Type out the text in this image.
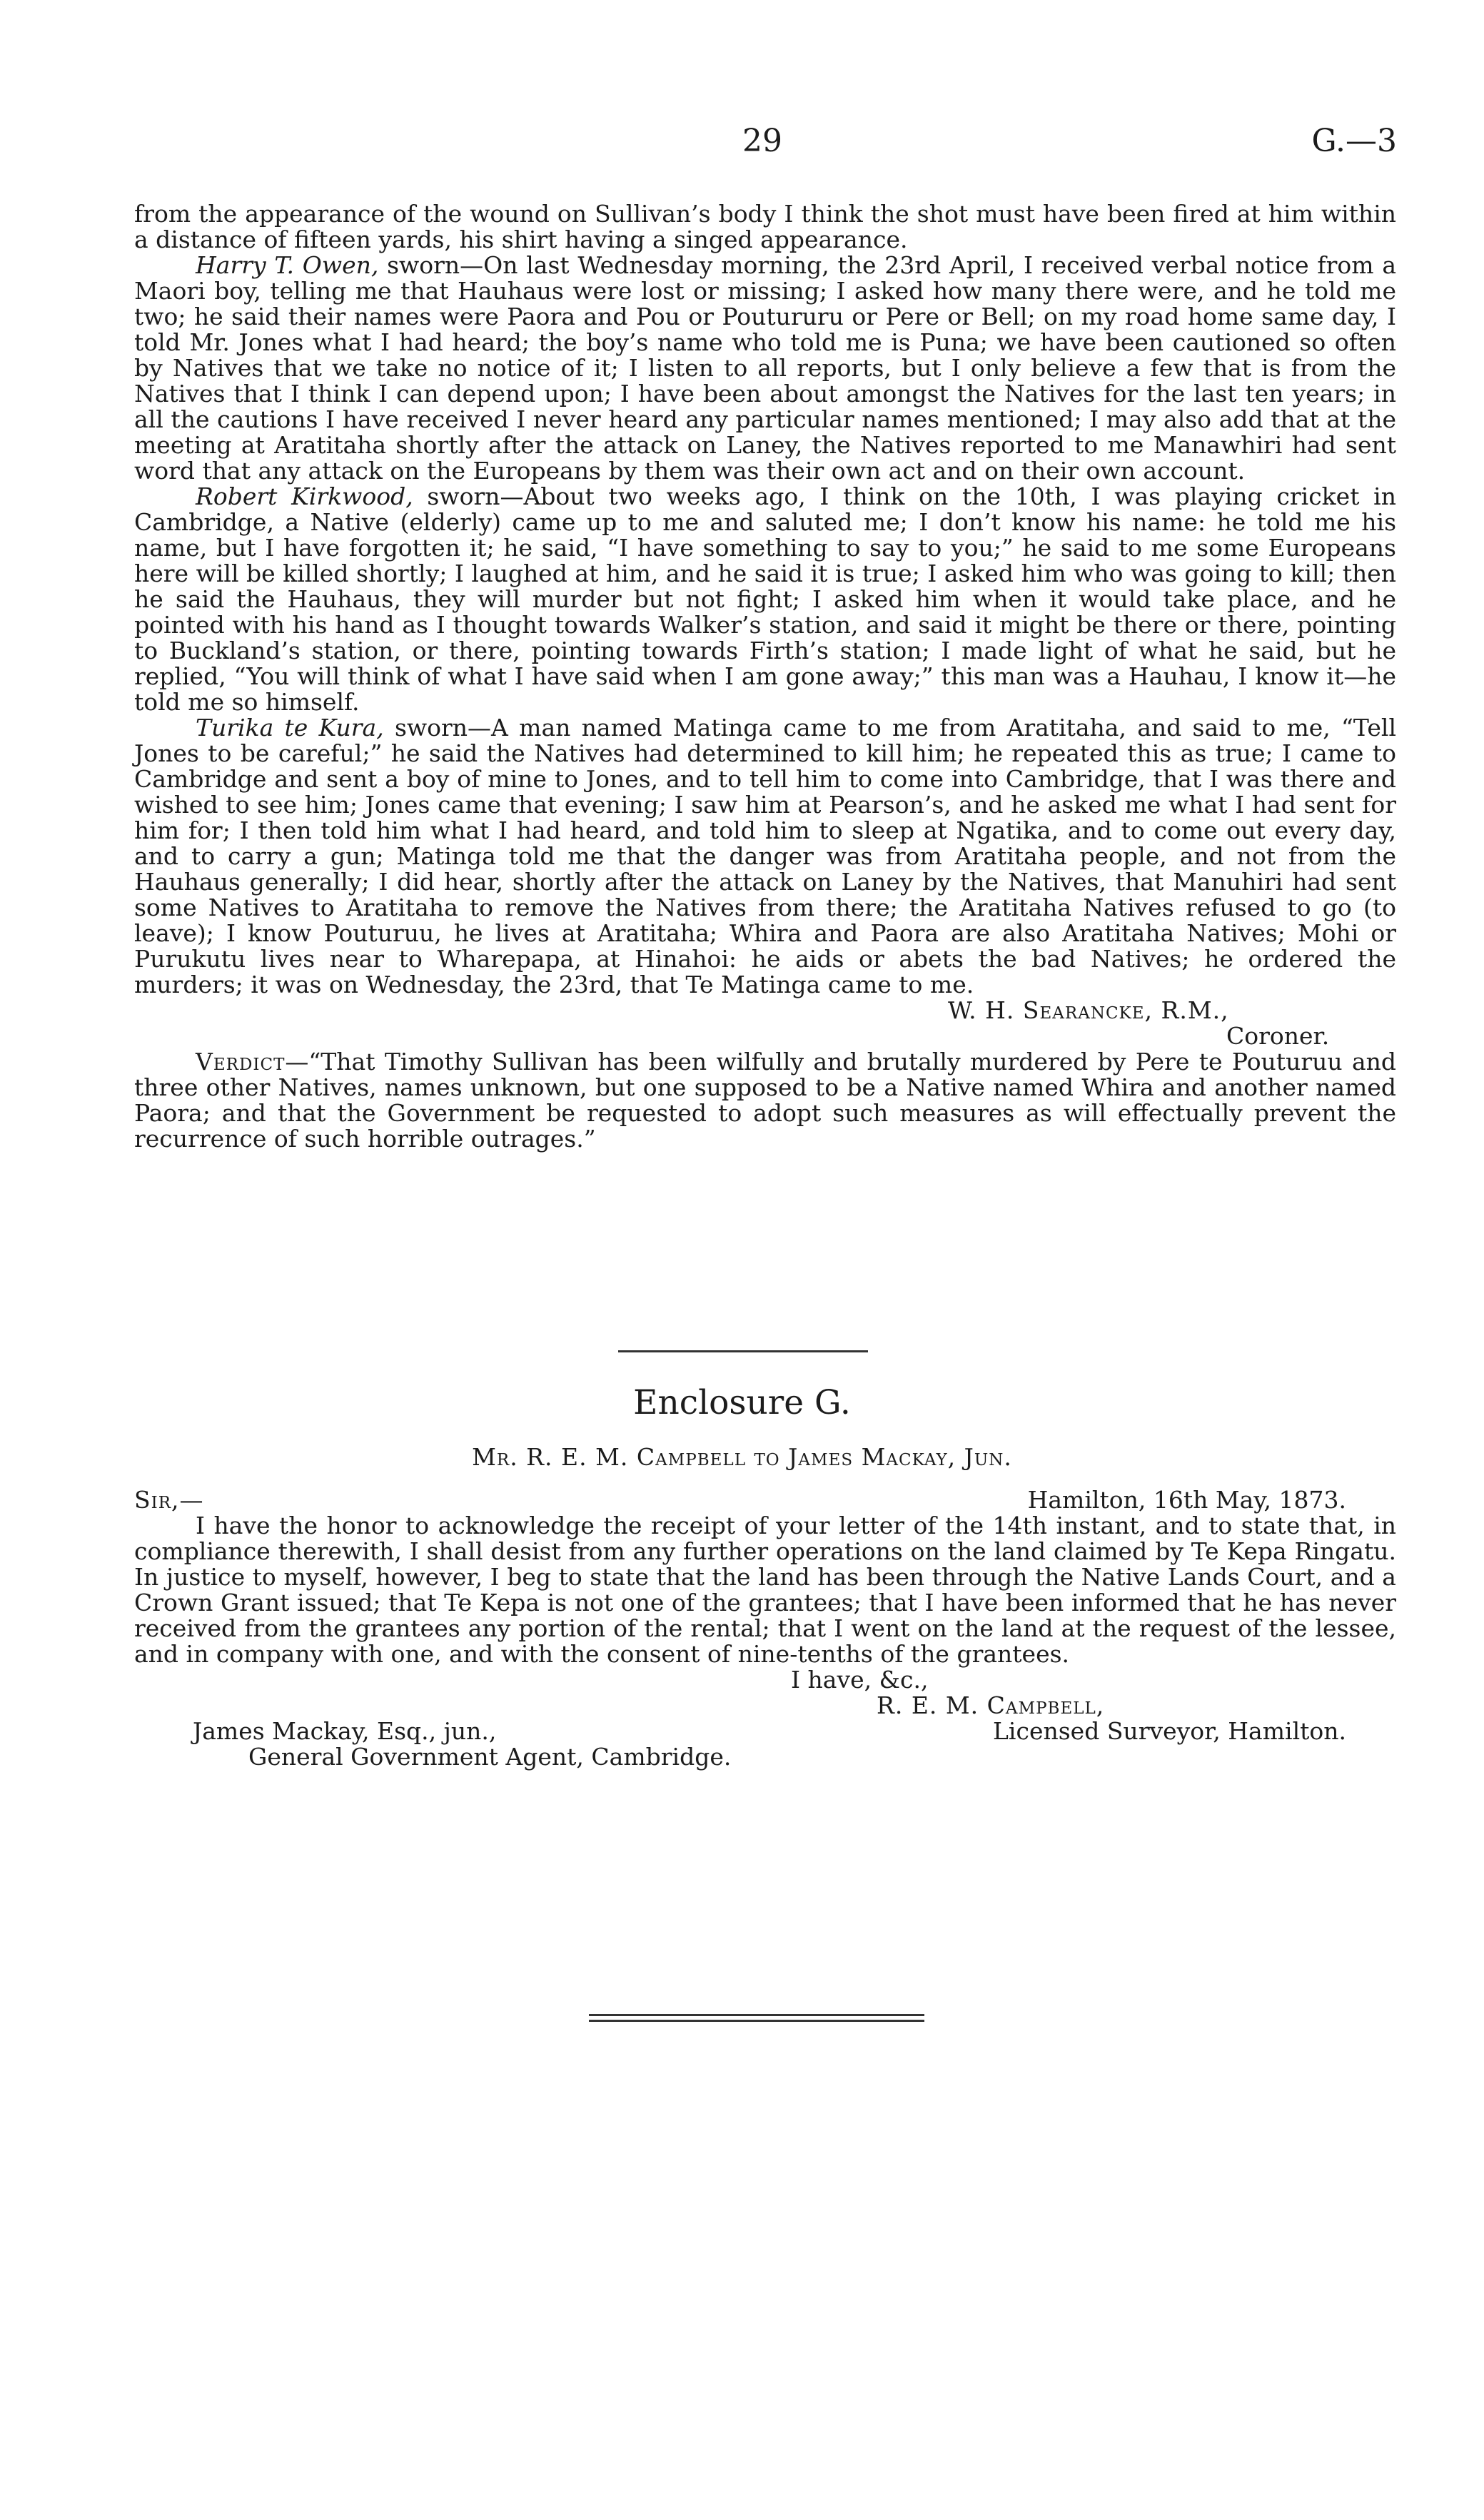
29	G.—3

from the appearance of the wound on Sullivan’s body I think the shot must have been fired at him within a distance of fifteen yards, his shirt having a singed appearance.

Harry T. Owen, sworn—On last Wednesday morning, the 23rd April, I received verbal notice from a Maori boy, telling me that Hauhaus were lost or missing; I asked how many there were, and he told me two; he said their names were Paora and Pou or Poutururu or Pere or Bell; on my road home same day, I told Mr. Jones what I had heard; the boy’s name who told me is Puna; we have been cautioned so often by Natives that we take no notice of it; I listen to all reports, but I only believe a few that is from the Natives that I think I can depend upon; I have been about amongst the Natives for the last ten years; in all the cautions I have received I never heard any particular names mentioned; I may also add that at the meeting at Aratitaha shortly after the attack on Laney, the Natives reported to me Manawhiri had sent word that any attack on the Europeans by them was their own act and on their own account.

Robert Kirkwood, sworn—About two weeks ago, I think on the 10th, I was playing cricket in Cambridge, a Native (elderly) came up to me and saluted me; I don’t know his name: he told me his name, but I have forgotten it; he said, “I have something to say to you;” he said to me some Europeans here will be killed shortly; I laughed at him, and he said it is true; I asked him who was going to kill; then he said the Hauhaus, they will murder but not fight; I asked him when it would take place, and he pointed with his hand as I thought towards Walker’s station, and said it might be there or there, pointing to Buckland’s station, or there, pointing towards Firth’s station; I made light of what he said, but he replied, “You will think of what I have said when I am gone away;” this man was a Hauhau, I know it—he told me so himself.

Turika te Kura, sworn—A man named Matinga came to me from Aratitaha, and said to me, “Tell Jones to be careful;” he said the Natives had determined to kill him; he repeated this as true; I came to Cambridge and sent a boy of mine to Jones, and to tell him to come into Cambridge, that I was there and wished to see him; Jones came that evening; I saw him at Pearson’s, and he asked me what I had sent for him for; I then told him what I had heard, and told him to sleep at Ngatika, and to come out every day, and to carry a gun; Matinga told me that the danger was from Aratitaha people, and not from the Hauhaus generally; I did hear, shortly after the attack on Laney by the Natives, that Manuhiri had sent some Natives to Aratitaha to remove the Natives from there; the Aratitaha Natives refused to go (to leave); I know Pouturuu, he lives at Aratitaha; Whira and Paora are also Aratitaha Natives; Mohi or Purukutu lives near to Wharepapa, at Hinahoi: he aids or abets the bad Natives; he ordered the murders; it was on Wednesday, the 23rd, that Te Matinga came to me.

W. H. Searancke, R.M.,

Coroner.

Verdict—“That Timothy Sullivan has been wilfully and brutally murdered by Pere te Pouturuu and three other Natives, names unknown, but one supposed to be a Native named Whira and another named Paora; and that the Government be requested to adopt such measures as will effectually prevent the recurrence of such horrible outrages.”

Enclosure G.
Mr. R. E. M. Campbell to James Mackay, Jun.
Sir,—	Hamilton, 16th May, 1873.

I have the honor to acknowledge the receipt of your letter of the 14th instant, and to state that, in compliance therewith, I shall desist from any further operations on the land claimed by Te Kepa Ringatu. In justice to myself, however, I beg to state that the land has been through the Native Lands Court, and a Crown Grant issued; that Te Kepa is not one of the grantees; that I have been informed that he has never received from the grantees any portion of the rental; that I went on the land at the request of the lessee, and in company with one, and with the consent of nine-tenths of the grantees.

I have, &c.,

R. E. M. Campbell,

James Mackay, Esq., jun.,	Licensed Surveyor, Hamilton.

General Government Agent, Cambridge.
